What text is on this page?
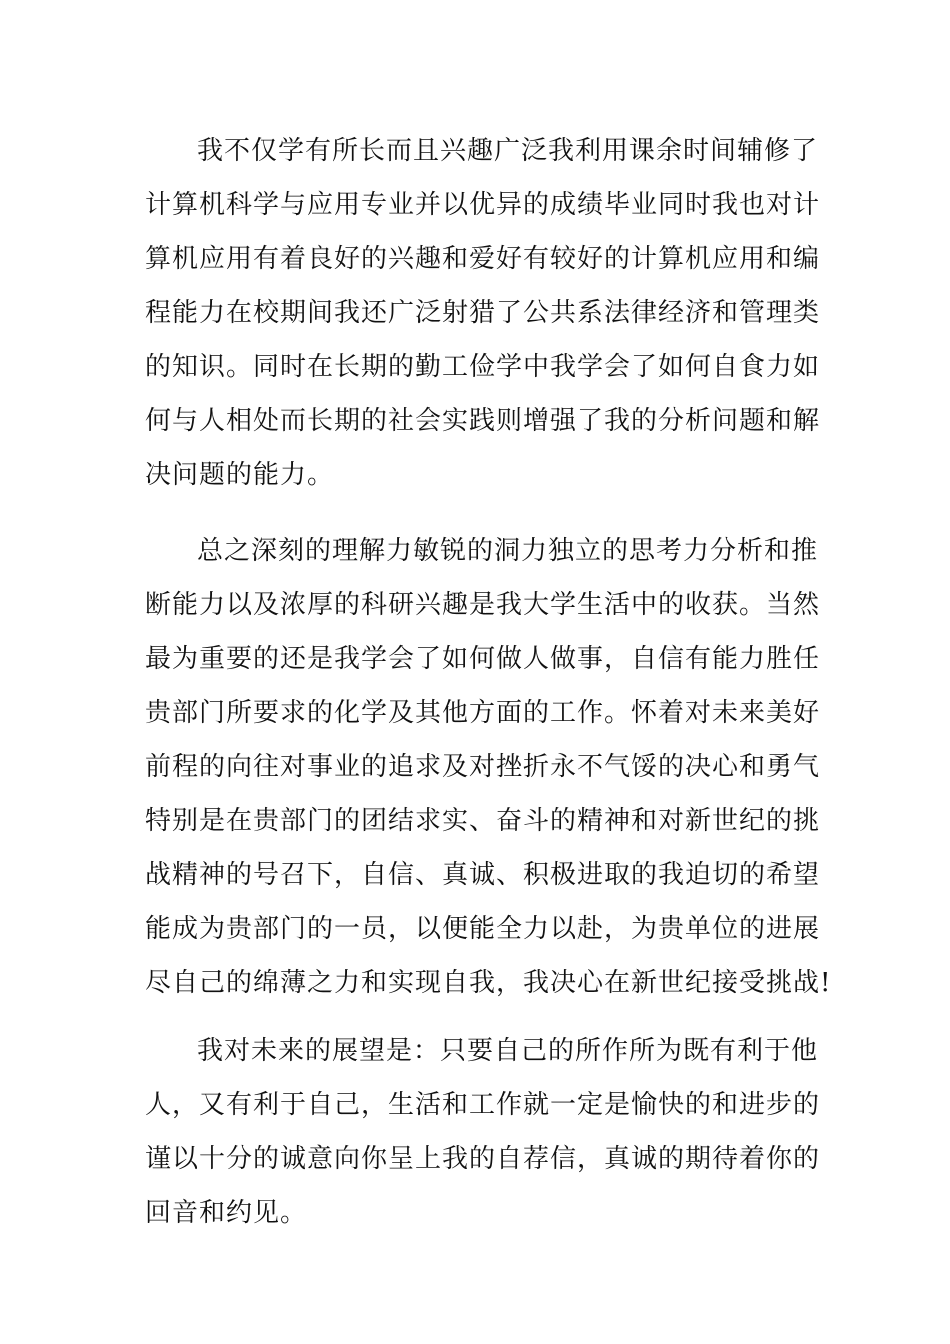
我不仅学有所长而且兴趣广泛我利用课余时间辅修了
计算机科学与应用专业并以优异的成绩毕业同时我也对计
算机应用有着良好的兴趣和爱好有较好的计算机应用和编
程能力在校期间我还广泛射猎了公共系法律经济和管理类
的知识。同时在长期的勤工俭学中我学会了如何自食力如
何与人相处而长期的社会实践则增强了我的分析问题和解
决问题的能力。
总之深刻的理解力敏锐的洞力独立的思考力分析和推
断能力以及浓厚的科研兴趣是我大学生活中的收获。当然
最为重要的还是我学会了如何做人做事，自信有能力胜任
贵部门所要求的化学及其他方面的工作。怀着对未来美好
前程的向往对事业的追求及对挫折永不气馁的决心和勇气
特别是在贵部门的团结求实、奋斗的精神和对新世纪的挑
战精神的号召下，自信、真诚、积极进取的我迫切的希望
能成为贵部门的一员，以便能全力以赴，为贵单位的进展
尽自己的绵薄之力和实现自我，我决心在新世纪接受挑战!
我对未来的展望是：只要自己的所作所为既有利于他
人，又有利于自己，生活和工作就一定是愉快的和进步的
谨以十分的诚意向你呈上我的自荐信，真诚的期待着你的
回音和约见。
